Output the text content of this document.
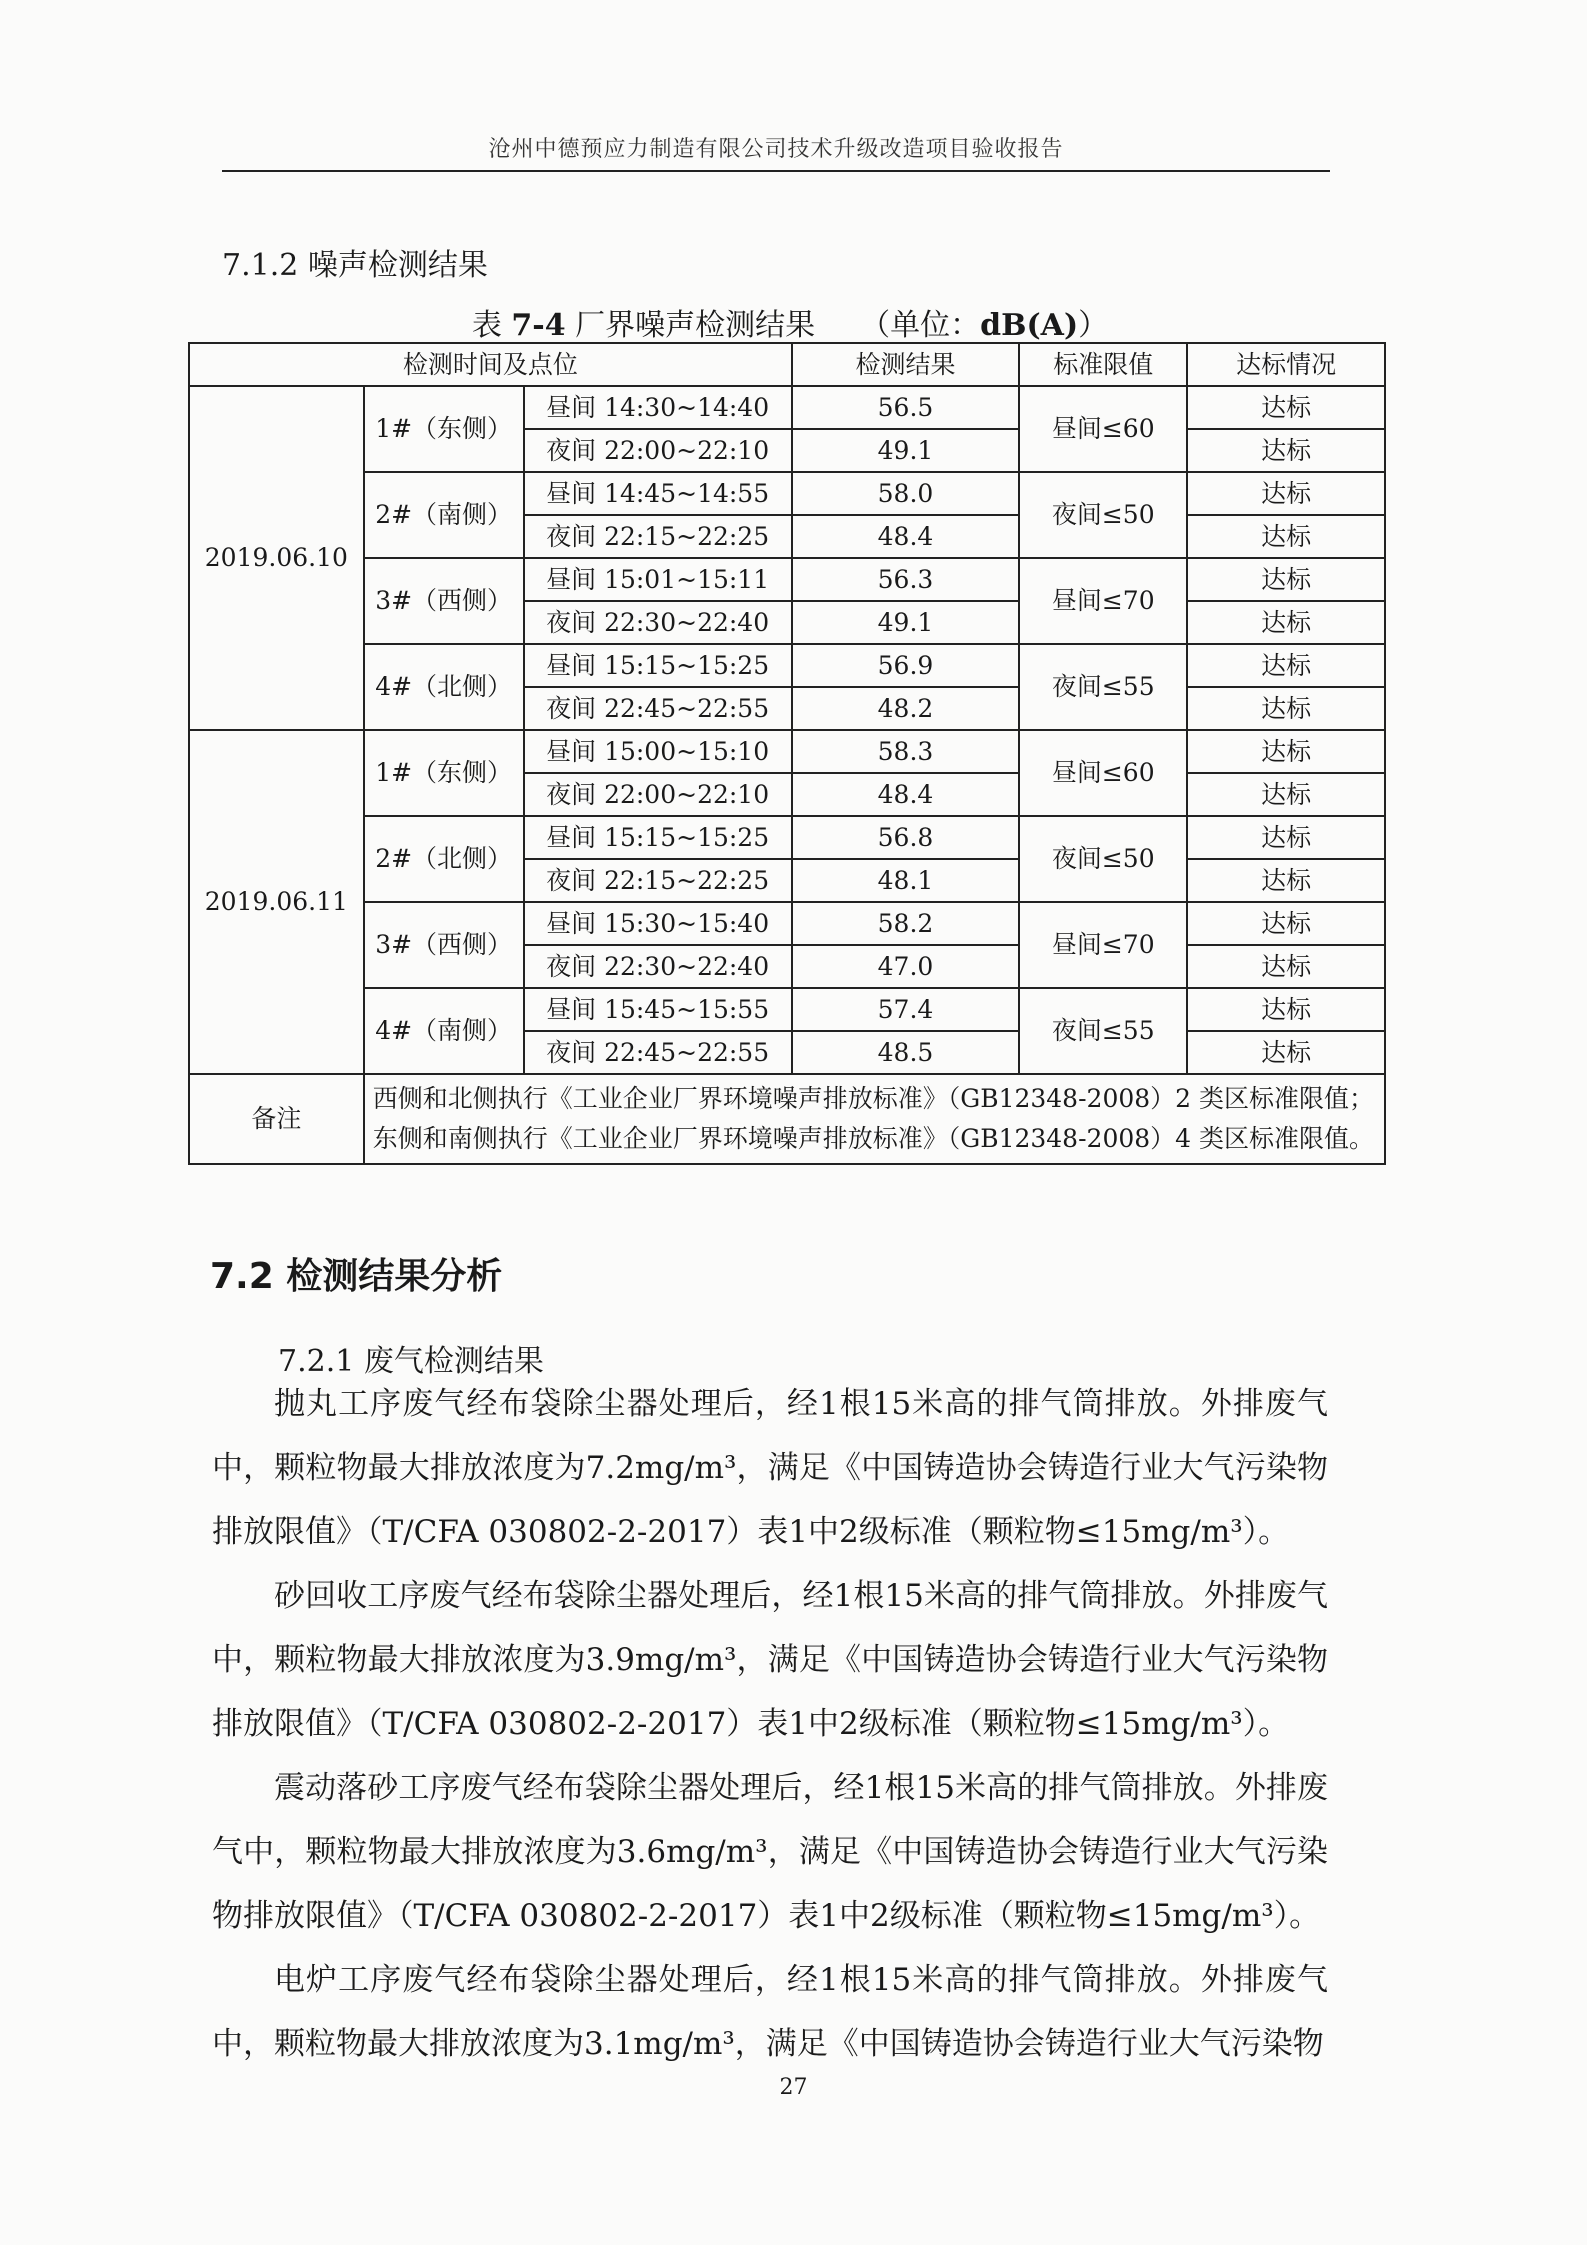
沧州中德预应力制造有限公司技术升级改造项目验收报告
7.1.2 噪声检测结果
表 7-4 厂界噪声检测结果　　（单位：dB(A)）
检测时间及点位			检测结果	标准限值	达标情况
2019.06.10	1#（东侧）	昼间 14:30~14:40	56.5	昼间≤60	达标
		夜间 22:00~22:10	49.1		达标
	2#（南侧）	昼间 14:45~14:55	58.0	夜间≤50	达标
		夜间 22:15~22:25	48.4		达标
	3#（西侧）	昼间 15:01~15:11	56.3	昼间≤70	达标
		夜间 22:30~22:40	49.1		达标
	4#（北侧）	昼间 15:15~15:25	56.9	夜间≤55	达标
		夜间 22:45~22:55	48.2		达标
2019.06.11	1#（东侧）	昼间 15:00~15:10	58.3	昼间≤60	达标
		夜间 22:00~22:10	48.4		达标
	2#（北侧）	昼间 15:15~15:25	56.8	夜间≤50	达标
		夜间 22:15~22:25	48.1		达标
	3#（西侧）	昼间 15:30~15:40	58.2	昼间≤70	达标
		夜间 22:30~22:40	47.0		达标
	4#（南侧）	昼间 15:45~15:55	57.4	夜间≤55	达标
		夜间 22:45~22:55	48.5		达标
备注	西侧和北侧执行《工业企业厂界环境噪声排放标准》（GB12348-2008）2 类区标准限值；东侧和南侧执行《工业企业厂界环境噪声排放标准》（GB12348-2008）4 类区标准限值。				
7.2 检测结果分析
7.2.1 废气检测结果

抛丸工序废气经布袋除尘器处理后，经1根15米高的排气筒排放。外排废气中，颗粒物最大排放浓度为7.2mg/m³，满足《中国铸造协会铸造行业大气污染物排放限值》（T/CFA 030802-2-2017）表1中2级标准（颗粒物≤15mg/m³）。

砂回收工序废气经布袋除尘器处理后，经1根15米高的排气筒排放。外排废气中，颗粒物最大排放浓度为3.9mg/m³，满足《中国铸造协会铸造行业大气污染物排放限值》（T/CFA 030802-2-2017）表1中2级标准（颗粒物≤15mg/m³）。

震动落砂工序废气经布袋除尘器处理后，经1根15米高的排气筒排放。外排废气中，颗粒物最大排放浓度为3.6mg/m³，满足《中国铸造协会铸造行业大气污染物排放限值》（T/CFA 030802-2-2017）表1中2级标准（颗粒物≤15mg/m³）。

电炉工序废气经布袋除尘器处理后，经1根15米高的排气筒排放。外排废气中，颗粒物最大排放浓度为3.1mg/m³，满足《中国铸造协会铸造行业大气污染物

27
